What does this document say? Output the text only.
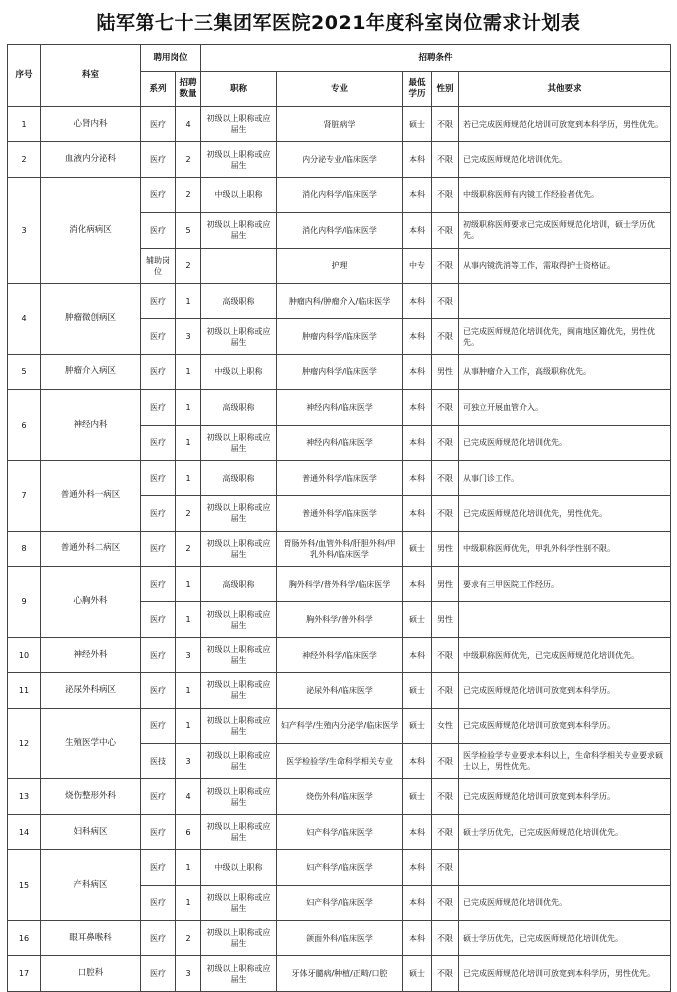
陆军第七十三集团军医院2021年度科室岗位需求计划表
序号	科室	聘用岗位		招聘条件				
		系列	招聘数量	职称	专业	最低学历	性别	其他要求
1	心肾内科	医疗	4	初级以上职称或应届生	肾脏病学	硕士	不限	若已完成医师规范化培训可放宽到本科学历，男性优先。
2	血液内分泌科	医疗	2	初级以上职称或应届生	内分泌专业/临床医学	本科	不限	已完成医师规范化培训优先。
3	消化病病区	医疗	2	中级以上职称	消化内科学/临床医学	本科	不限	中级职称医师有内镜工作经验者优先。
		医疗	5	初级以上职称或应届生	消化内科学/临床医学	本科	不限	初级职称医师要求已完成医师规范化培训，硕士学历优先。
		辅助岗位	2		护理	中专	不限	从事内镜洗消等工作，需取得护士资格证。
4	肿瘤微创病区	医疗	1	高级职称	肿瘤内科/肿瘤介入/临床医学	本科	不限	
		医疗	3	初级以上职称或应届生	肿瘤内科学/临床医学	本科	不限	已完成医师规范化培训优先，闽南地区籍优先，男性优先。
5	肿瘤介入病区	医疗	1	中级以上职称	肿瘤内科学/临床医学	本科	男性	从事肿瘤介入工作，高级职称优先。
6	神经内科	医疗	1	高级职称	神经内科/临床医学	本科	不限	可独立开展血管介入。
		医疗	1	初级以上职称或应届生	神经内科/临床医学	本科	不限	已完成医师规范化培训优先。
7	普通外科一病区	医疗	1	高级职称	普通外科学/临床医学	本科	不限	从事门诊工作。
		医疗	2	初级以上职称或应届生	普通外科学/临床医学	本科	不限	已完成医师规范化培训优先，男性优先。
8	普通外科二病区	医疗	2	初级以上职称或应届生	胃肠外科/血管外科/肝胆外科/甲乳外科/临床医学	硕士	男性	中级职称医师优先，甲乳外科学性别不限。
9	心胸外科	医疗	1	高级职称	胸外科学/普外科学/临床医学	本科	男性	要求有三甲医院工作经历。
		医疗	1	初级以上职称或应届生	胸外科学/普外科学	硕士	男性	
10	神经外科	医疗	3	初级以上职称或应届生	神经外科学/临床医学	本科	不限	中级职称医师优先，已完成医师规范化培训优先。
11	泌尿外科病区	医疗	1	初级以上职称或应届生	泌尿外科/临床医学	硕士	不限	已完成医师规范化培训可放宽到本科学历。
12	生殖医学中心	医疗	1	初级以上职称或应届生	妇产科学/生殖内分泌学/临床医学	硕士	女性	已完成医师规范化培训可放宽到本科学历。
		医技	3	初级以上职称或应届生	医学检验学/生命科学相关专业	本科	不限	医学检验学专业要求本科以上，生命科学相关专业要求硕士以上，男性优先。
13	烧伤整形外科	医疗	4	初级以上职称或应届生	烧伤外科/临床医学	硕士	不限	已完成医师规范化培训可放宽到本科学历。
14	妇科病区	医疗	6	初级以上职称或应届生	妇产科学/临床医学	本科	不限	硕士学历优先，已完成医师规范化培训优先。
15	产科病区	医疗	1	中级以上职称	妇产科学/临床医学	本科	不限	
		医疗	1	初级以上职称或应届生	妇产科学/临床医学	本科	不限	已完成医师规范化培训优先。
16	眼耳鼻喉科	医疗	2	初级以上职称或应届生	颌面外科/临床医学	本科	不限	硕士学历优先，已完成医师规范化培训优先。
17	口腔科	医疗	3	初级以上职称或应届生	牙体牙髓病/种植/正畸/口腔	硕士	不限	已完成医师规范化培训可放宽到本科学历，男性优先。
